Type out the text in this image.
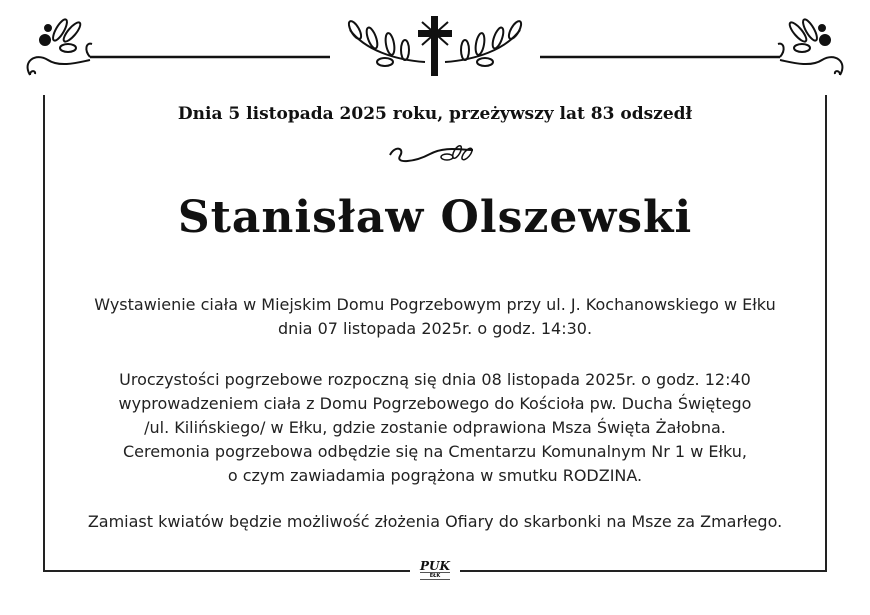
Dnia 5 listopada 2025 roku, przeżywszy lat 83 odszedł
Stanisław Olszewski
Wystawienie ciała w Miejskim Domu Pogrzebowym przy ul. J. Kochanowskiego w Ełku
dnia 07 listopada 2025r. o godz. 14:30.
Uroczystości pogrzebowe rozpoczną się dnia 08 listopada 2025r. o godz. 12:40
wyprowadzeniem ciała z Domu Pogrzebowego do Kościoła pw. Ducha Świętego
/ul. Kilińskiego/ w Ełku, gdzie zostanie odprawiona Msza Święta Żałobna.
Ceremonia pogrzebowa odbędzie się na Cmentarzu Komunalnym Nr 1 w Ełku,
o czym zawiadamia pogrążona w smutku RODZINA.
Zamiast kwiatów będzie możliwość złożenia Ofiary do skarbonki na Msze za Zmarłego.
PUK
EŁK
